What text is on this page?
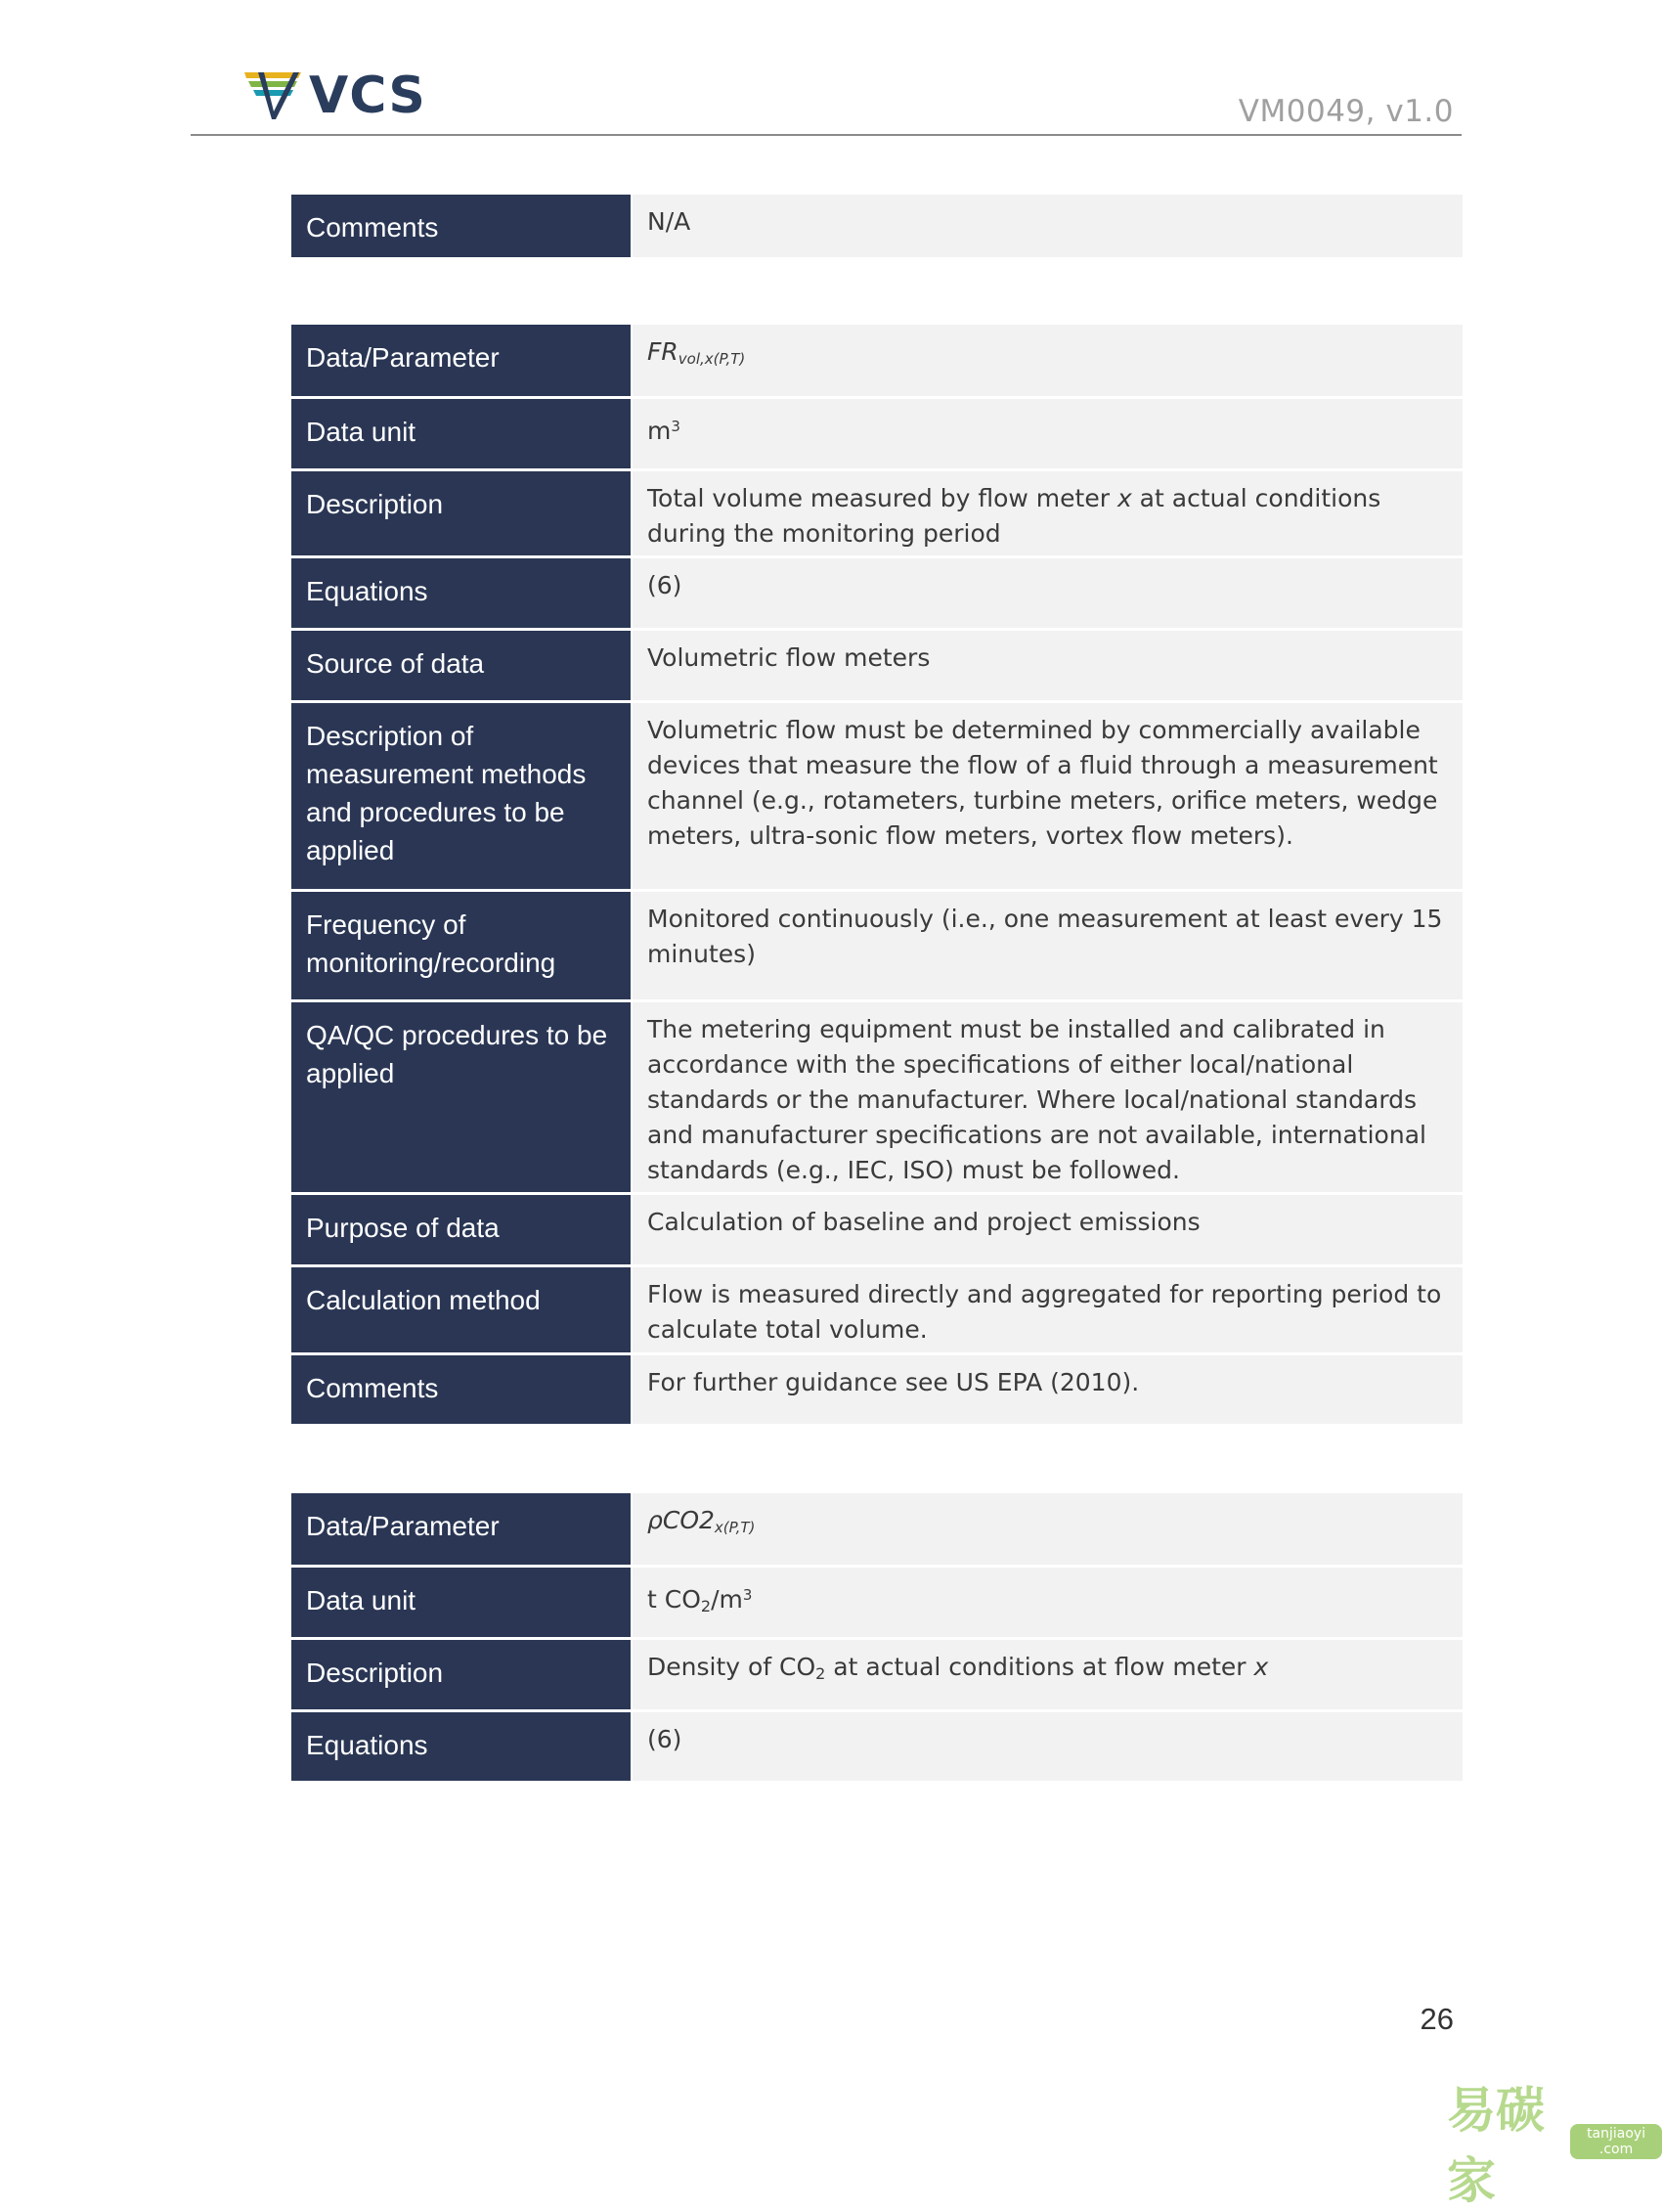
VCS	VM0049, v1.0
Comments	N/A
Data/Parameter	$FR_{vol,x(P,T)}$
Data unit	$m^3$
Description	Total volume measured by flow meter x at actual conditions during the monitoring period
Equations	(6)
Source of data	Volumetric flow meters
Description of measurement methods and procedures to be applied	Volumetric flow must be determined by commercially available devices that measure the flow of a fluid through a measurement channel (e.g., rotameters, turbine meters, orifice meters, wedge meters, ultra-sonic flow meters, vortex flow meters).
Frequency of monitoring/recording	Monitored continuously (i.e., one measurement at least every 15 minutes)
QA/QC procedures to be applied	The metering equipment must be installed and calibrated in accordance with the specifications of either local/national standards or the manufacturer. Where local/national standards and manufacturer specifications are not available, international standards (e.g., IEC, ISO) must be followed.
Purpose of data	Calculation of baseline and project emissions
Calculation method	Flow is measured directly and aggregated for reporting period to calculate total volume.
Comments	For further guidance see US EPA (2010).
Data/Parameter	$\rho CO2_{x(P,T)}$
Data unit	t $CO2/m^3$
Description	Density of CO2 at actual conditions at flow meter x
Equations	(6)
26
易碳家
tanjiaoyi .com
